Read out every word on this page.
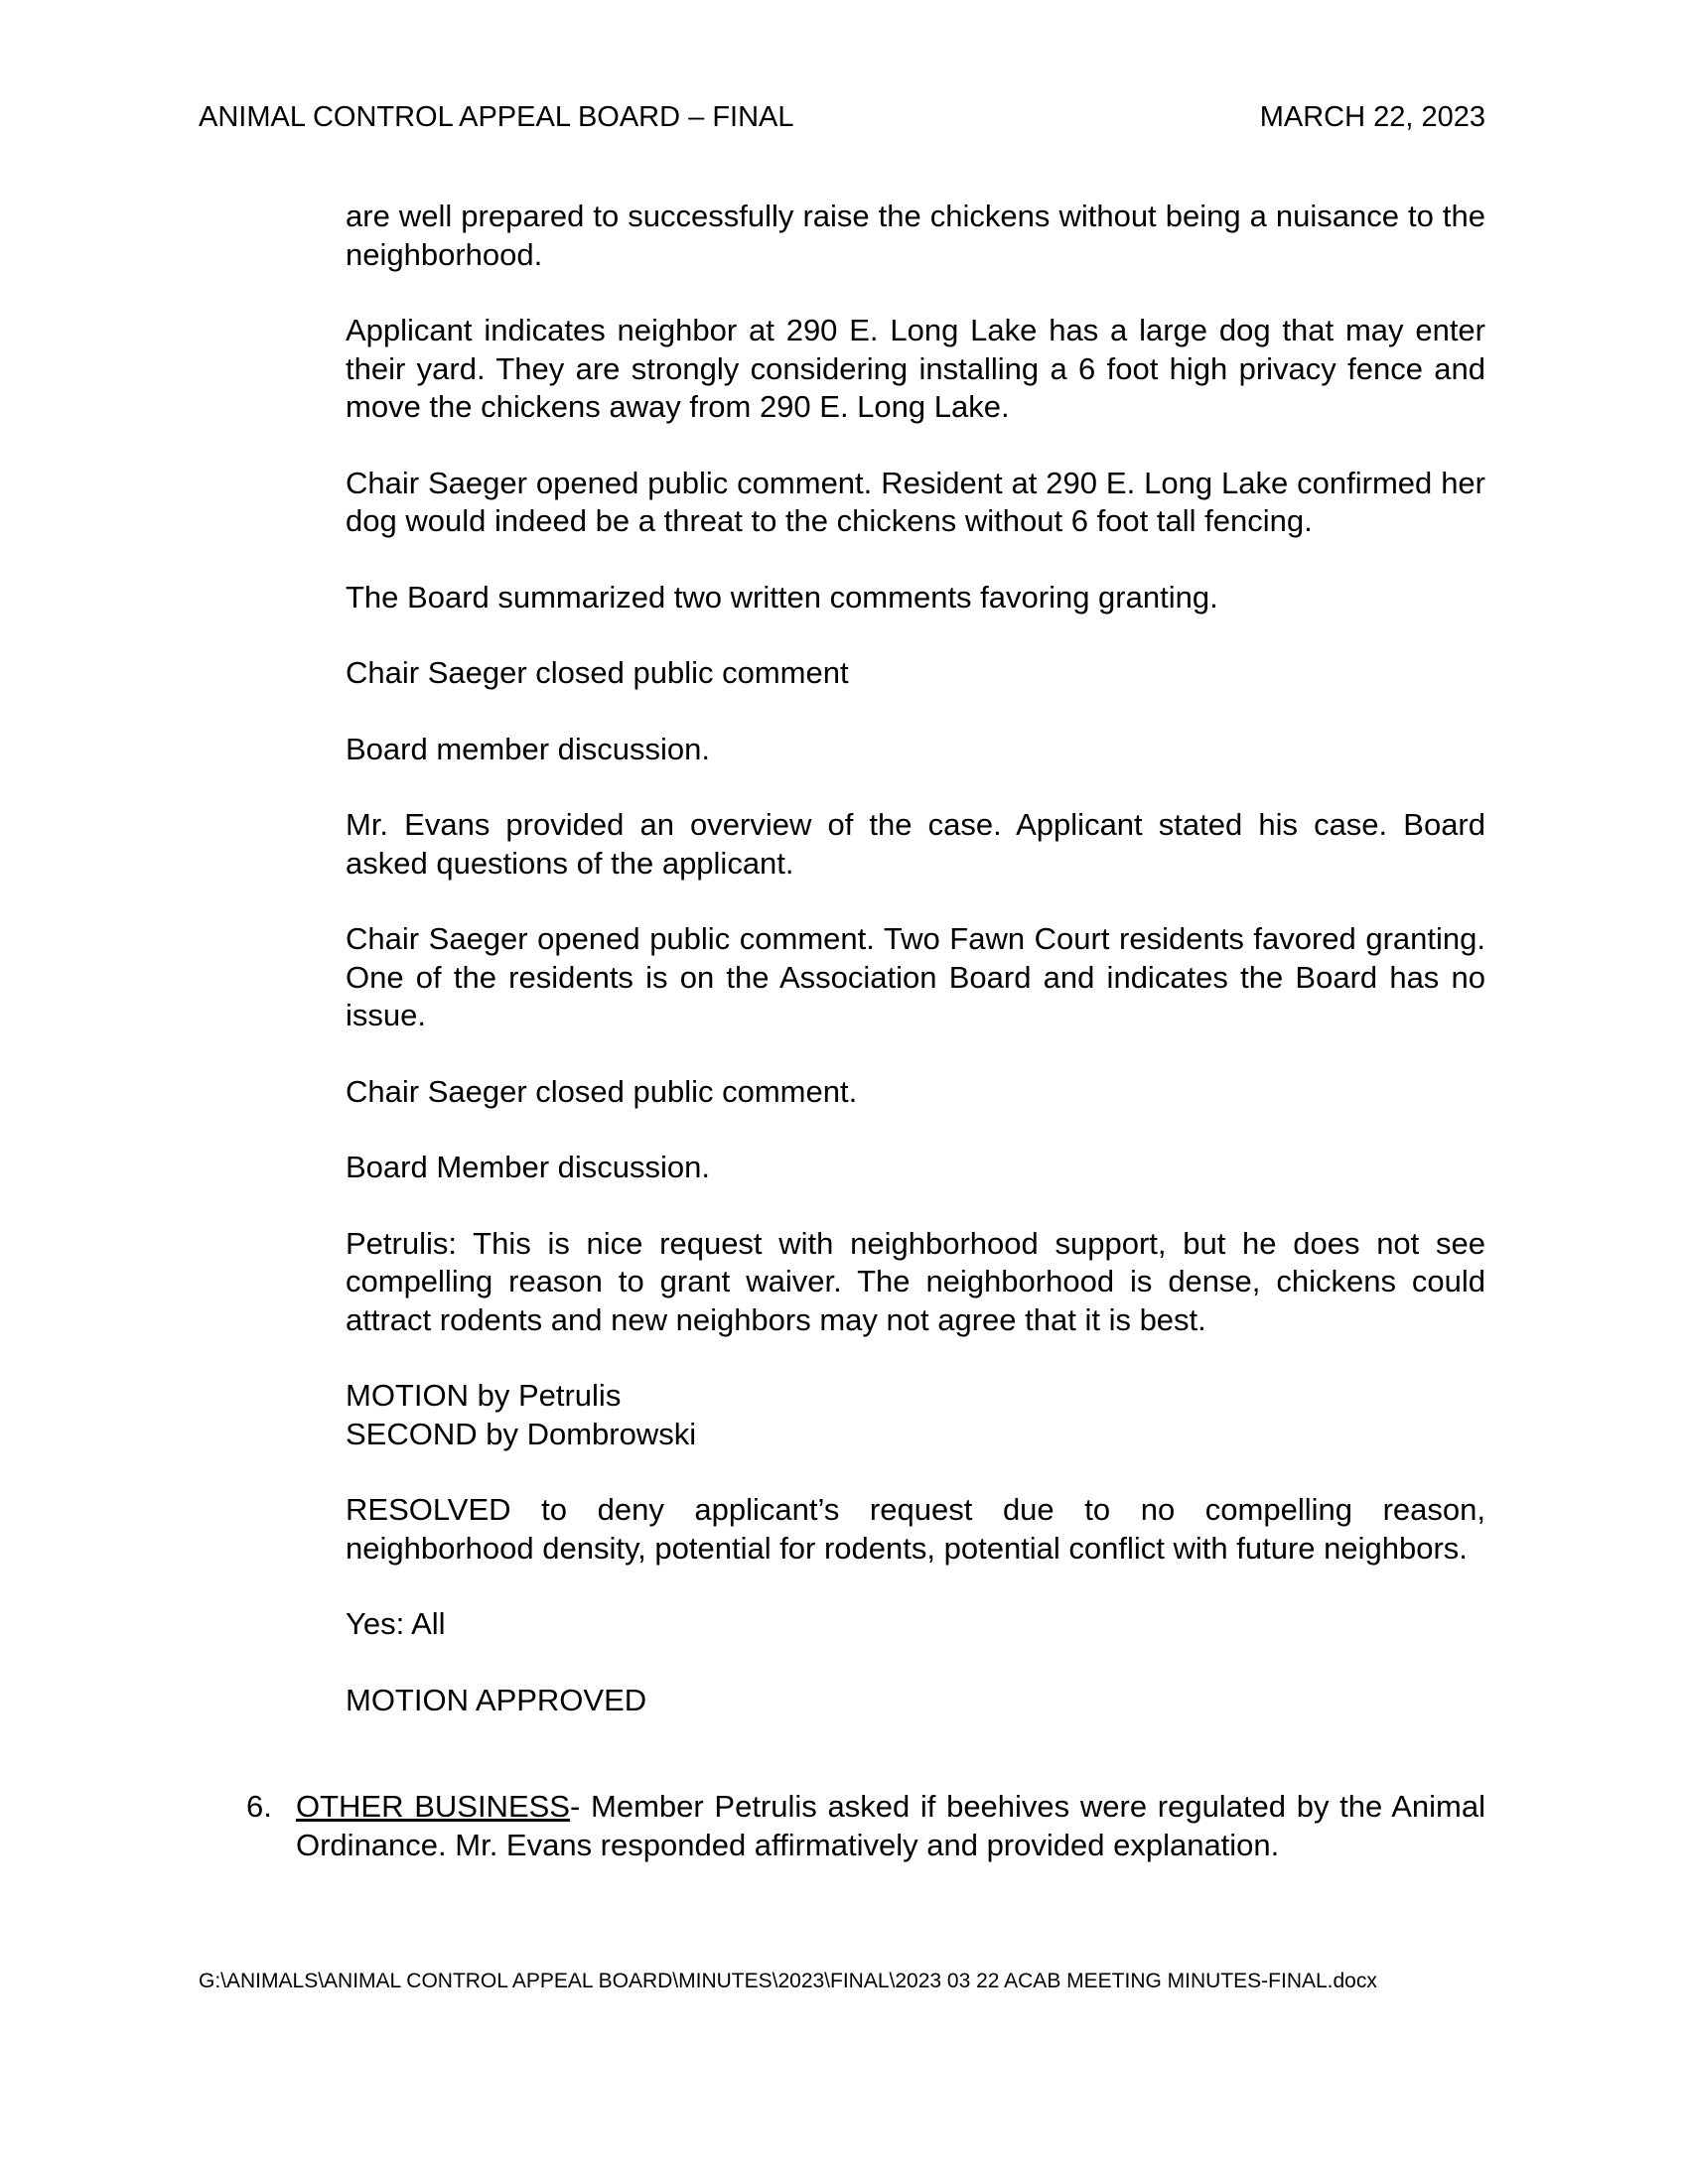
ANIMAL CONTROL APPEAL BOARD – FINAL	MARCH 22, 2023

are well prepared to successfully raise the chickens without being a nuisance to the neighborhood.

Applicant indicates neighbor at 290 E. Long Lake has a large dog that may enter their yard. They are strongly considering installing a 6 foot high privacy fence and move the chickens away from 290 E. Long Lake.

Chair Saeger opened public comment. Resident at 290 E. Long Lake confirmed her dog would indeed be a threat to the chickens without 6 foot tall fencing.

The Board summarized two written comments favoring granting.

Chair Saeger closed public comment

Board member discussion.

Mr. Evans provided an overview of the case. Applicant stated his case. Board asked questions of the applicant.

Chair Saeger opened public comment. Two Fawn Court residents favored granting. One of the residents is on the Association Board and indicates the Board has no issue.

Chair Saeger closed public comment.

Board Member discussion.

Petrulis: This is nice request with neighborhood support, but he does not see compelling reason to grant waiver. The neighborhood is dense, chickens could attract rodents and new neighbors may not agree that it is best.

MOTION by Petrulis
SECOND by Dombrowski

RESOLVED to deny applicant’s request due to no compelling reason, neighborhood density, potential for rodents, potential conflict with future neighbors.

Yes: All

MOTION APPROVED

6. OTHER BUSINESS- Member Petrulis asked if beehives were regulated by the Animal Ordinance. Mr. Evans responded affirmatively and provided explanation.
G:\ANIMALS\ANIMAL CONTROL APPEAL BOARD\MINUTES\2023\FINAL\2023 03 22 ACAB MEETING MINUTES-FINAL.docx
